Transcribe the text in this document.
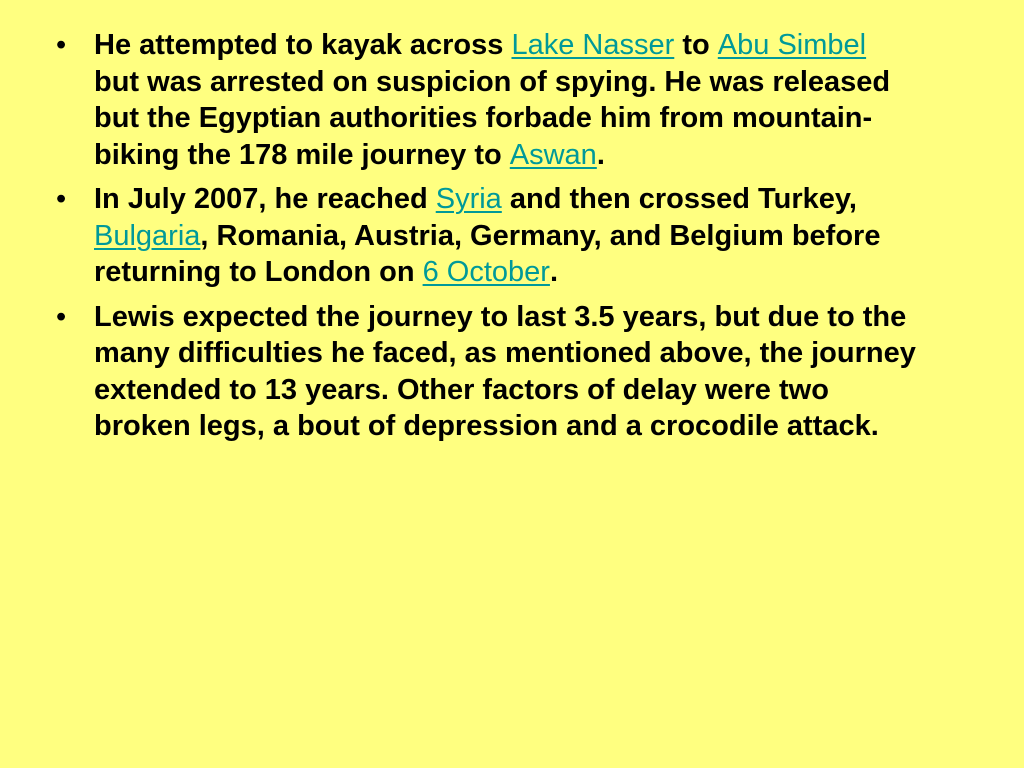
• He attempted to kayak across Lake Nasser to Abu Simbel but was arrested on suspicion of spying. He was released but the Egyptian authorities forbade him from mountain-biking the 178 mile journey to Aswan.
• In July 2007, he reached Syria and then crossed Turkey, Bulgaria, Romania, Austria, Germany, and Belgium before returning to London on 6 October.
• Lewis expected the journey to last 3.5 years, but due to the many difficulties he faced, as mentioned above, the journey extended to 13 years. Other factors of delay were two broken legs, a bout of depression and a crocodile attack.
